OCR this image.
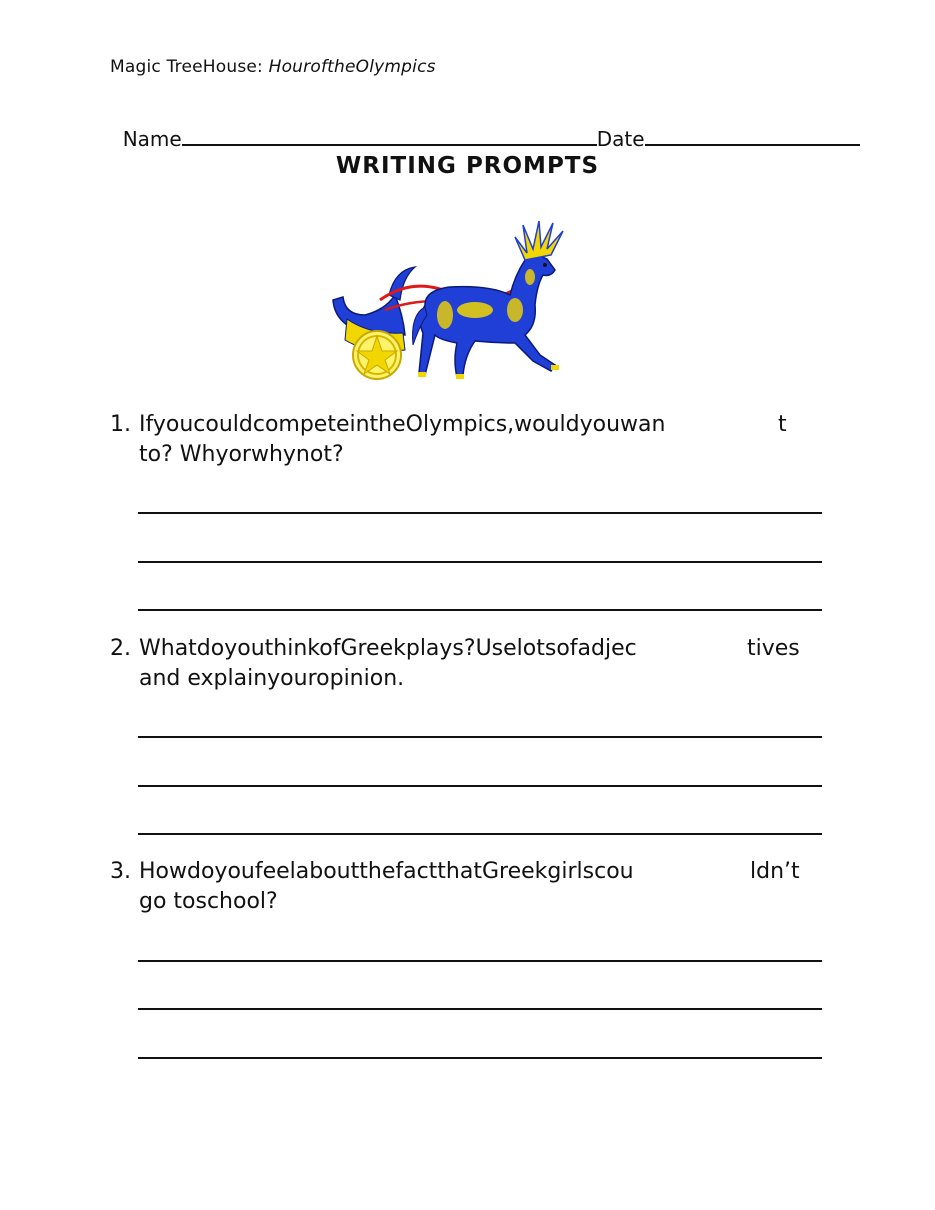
Magic TreeHouse: HouroftheOlympics

Name	Date

WRITING PROMPTS
1. IfyoucouldcompeteintheOlympics,wouldyouwan	t
to? Whyorwhynot?
2. WhatdoyouthinkofGreekplays?Uselotsofadjec	tives
and explainyouropinion.
3. HowdoyoufeelaboutthefactthatGreekgirlscou	ldn’t
go toschool?
